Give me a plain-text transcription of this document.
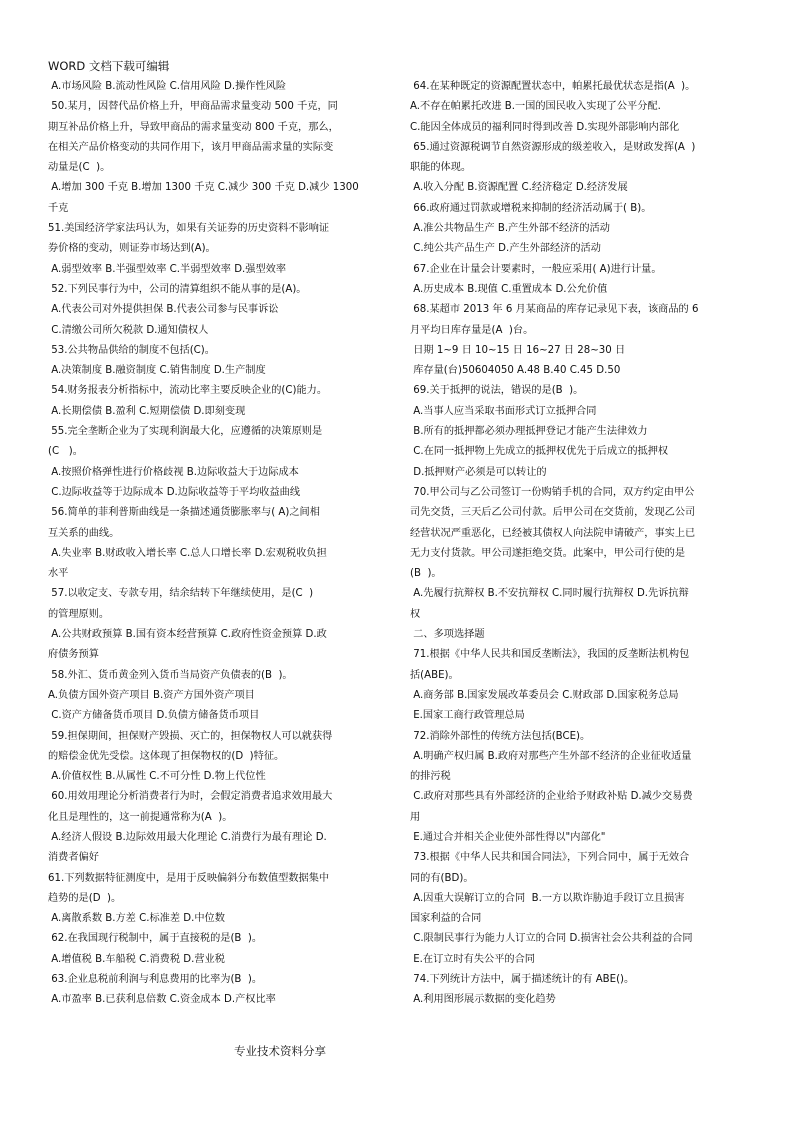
WORD 文档下载可编辑

A.市场风险 B.流动性风险 C.信用风险 D.操作性风险

50.某月，因替代品价格上升，甲商品需求量变动 500 千克，同

期互补品价格上升，导致甲商品的需求量变动 800 千克，那么，

在相关产品价格变动的共同作用下，该月甲商品需求量的实际变

动量是(C  )。

A.增加 300 千克 B.增加 1300 千克 C.减少 300 千克 D.减少 1300

千克

51.美国经济学家法玛认为，如果有关证券的历史资料不影响证

券价格的变动，则证券市场达到(A)。

A.弱型效率 B.半强型效率 C.半弱型效率 D.强型效率

52.下列民事行为中，公司的清算组织不能从事的是(A)。

A.代表公司对外提供担保 B.代表公司参与民事诉讼

C.清缴公司所欠税款 D.通知债权人

53.公共物品供给的制度不包括(C)。

A.决策制度 B.融资制度 C.销售制度 D.生产制度

54.财务报表分析指标中，流动比率主要反映企业的(C)能力。

A.长期偿债 B.盈利 C.短期偿债 D.即刻变现

55.完全垄断企业为了实现利润最大化，应遵循的决策原则是

(C   )。

A.按照价格弹性进行价格歧视 B.边际收益大于边际成本

C.边际收益等于边际成本 D.边际收益等于平均收益曲线

56.简单的菲利普斯曲线是一条描述通货膨胀率与( A)之间相

互关系的曲线。

A.失业率 B.财政收入增长率 C.总人口增长率 D.宏观税收负担

水平

57.以收定支、专款专用，结余结转下年继续使用，是(C  )

的管理原则。

A.公共财政预算 B.国有资本经营预算 C.政府性资金预算 D.政

府债务预算

58.外汇、货币黄金列入货币当局资产负债表的(B  )。

A.负债方国外资产项目 B.资产方国外资产项目

C.资产方储备货币项目 D.负债方储备货币项目

59.担保期间，担保财产毁损、灭亡的，担保物权人可以就获得

的赔偿金优先受偿。这体现了担保物权的(D  )特征。

A.价值权性 B.从属性 C.不可分性 D.物上代位性

60.用效用理论分析消费者行为时，会假定消费者追求效用最大

化且是理性的，这一前提通常称为(A  )。

A.经济人假设 B.边际效用最大化理论 C.消费行为最有理论 D.

消费者偏好

61.下列数据特征测度中，是用于反映偏斜分布数值型数据集中

趋势的是(D  )。

A.离散系数 B.方差 C.标准差 D.中位数

62.在我国现行税制中，属于直接税的是(B  )。

A.增值税 B.车船税 C.消费税 D.营业税

63.企业息税前利润与利息费用的比率为(B  )。

A.市盈率 B.已获利息倍数 C.资金成本 D.产权比率

64.在某种既定的资源配置状态中，帕累托最优状态是指(A  )。

A.不存在帕累托改进 B.一国的国民收入实现了公平分配.

C.能因全体成员的福利同时得到改善 D.实现外部影响内部化

65.通过资源税调节自然资源形成的级差收入，是财政发挥(A  )

职能的体现。

A.收入分配 B.资源配置 C.经济稳定 D.经济发展

66.政府通过罚款或增税来抑制的经济活动属于( B)。

A.准公共物品生产 B.产生外部不经济的活动

C.纯公共产品生产 D.产生外部经济的活动

67.企业在计量会计要素时，一般应采用( A)进行计量。

A.历史成本 B.现值 C.重置成本 D.公允价值

68.某超市 2013 年 6 月某商品的库存记录见下表，该商品的 6

月平均日库存量是(A  )台。

日期 1~9 日 10~15 日 16~27 日 28~30 日

库存量(台)50604050 A.48 B.40 C.45 D.50

69.关于抵押的说法，错误的是(B  )。

A.当事人应当采取书面形式订立抵押合同

B.所有的抵押都必须办理抵押登记才能产生法律效力

C.在同一抵押物上先成立的抵押权优先于后成立的抵押权

D.抵押财产必须是可以转让的

70.甲公司与乙公司签订一份购销手机的合同，双方约定由甲公

司先交货，三天后乙公司付款。后甲公司在交货前，发现乙公司

经营状况严重恶化，已经被其债权人向法院申请破产，事实上已

无力支付货款。甲公司遂拒绝交货。此案中，甲公司行使的是

(B  )。

A.先履行抗辩权 B.不安抗辩权 C.同时履行抗辩权 D.先诉抗辩

权

二、多项选择题

71.根据《中华人民共和国反垄断法》，我国的反垄断法机构包

括(ABE)。

A.商务部 B.国家发展改革委员会 C.财政部 D.国家税务总局

E.国家工商行政管理总局

72.消除外部性的传统方法包括(BCE)。

A.明确产权归属 B.政府对那些产生外部不经济的企业征收适量

的排污税

C.政府对那些具有外部经济的企业给予财政补贴 D.减少交易费

用

E.通过合并相关企业使外部性得以"内部化"

73.根据《中华人民共和国合同法》，下列合同中，属于无效合

同的有(BD)。

A.因重大误解订立的合同  B.一方以欺诈胁迫手段订立且损害

国家利益的合同

C.限制民事行为能力人订立的合同 D.损害社会公共利益的合同

E.在订立时有失公平的合同

74.下列统计方法中，属于描述统计的有 ABE()。

A.利用图形展示数据的变化趋势

专业技术资料分享
